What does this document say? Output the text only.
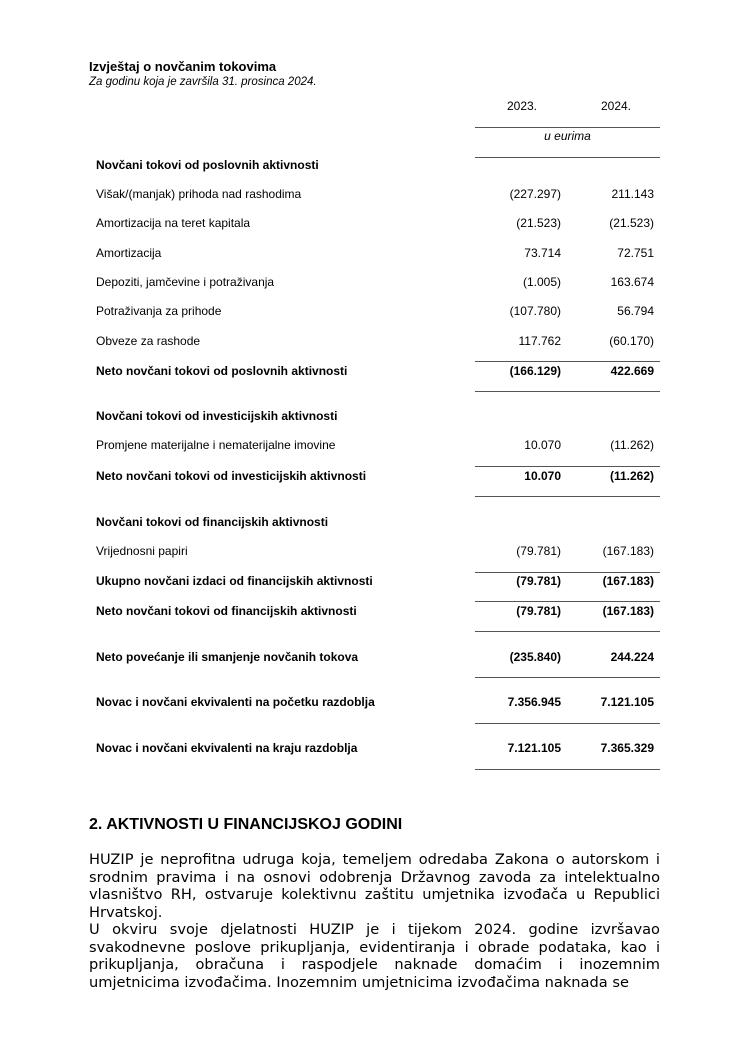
Izvještaj o novčanim tokovima
Za godinu koja je završila 31. prosinca 2024.
2023.	2024.
u eurima
Novčani tokovi od poslovnih aktivnosti
Višak/(manjak) prihoda nad rashodima	(227.297)	211.143
Amortizacija na teret kapitala	(21.523)	(21.523)
Amortizacija	73.714	72.751
Depoziti, jamčevine i potraživanja	(1.005)	163.674
Potraživanja za prihode	(107.780)	56.794
Obveze za rashode	117.762	(60.170)
Neto novčani tokovi od poslovnih aktivnosti	(166.129)	422.669
Novčani tokovi od investicijskih aktivnosti
Promjene materijalne i nematerijalne imovine	10.070	(11.262)
Neto novčani tokovi od investicijskih aktivnosti	10.070	(11.262)
Novčani tokovi od financijskih aktivnosti
Vrijednosni papiri	(79.781)	(167.183)
Ukupno novčani izdaci od financijskih aktivnosti	(79.781)	(167.183)
Neto novčani tokovi od financijskih aktivnosti	(79.781)	(167.183)
Neto povećanje ili smanjenje novčanih tokova	(235.840)	244.224
Novac i novčani ekvivalenti na početku razdoblja	7.356.945	7.121.105
Novac i novčani ekvivalenti na kraju razdoblja	7.121.105	7.365.329
2. AKTIVNOSTI U FINANCIJSKOJ GODINI
HUZIP je neprofitna udruga koja, temeljem odredaba Zakona o autorskom i srodnim pravima i na osnovi odobrenja Državnog zavoda za intelektualno vlasništvo RH, ostvaruje kolektivnu zaštitu umjetnika izvođača u Republici Hrvatskoj.
U okviru svoje djelatnosti HUZIP je i tijekom 2024. godine izvršavao svakodnevne poslove prikupljanja, evidentiranja i obrade podataka, kao i prikupljanja, obračuna i raspodjele naknade domaćim i inozemnim umjetnicima izvođačima. Inozemnim umjetnicima izvođačima naknada se
